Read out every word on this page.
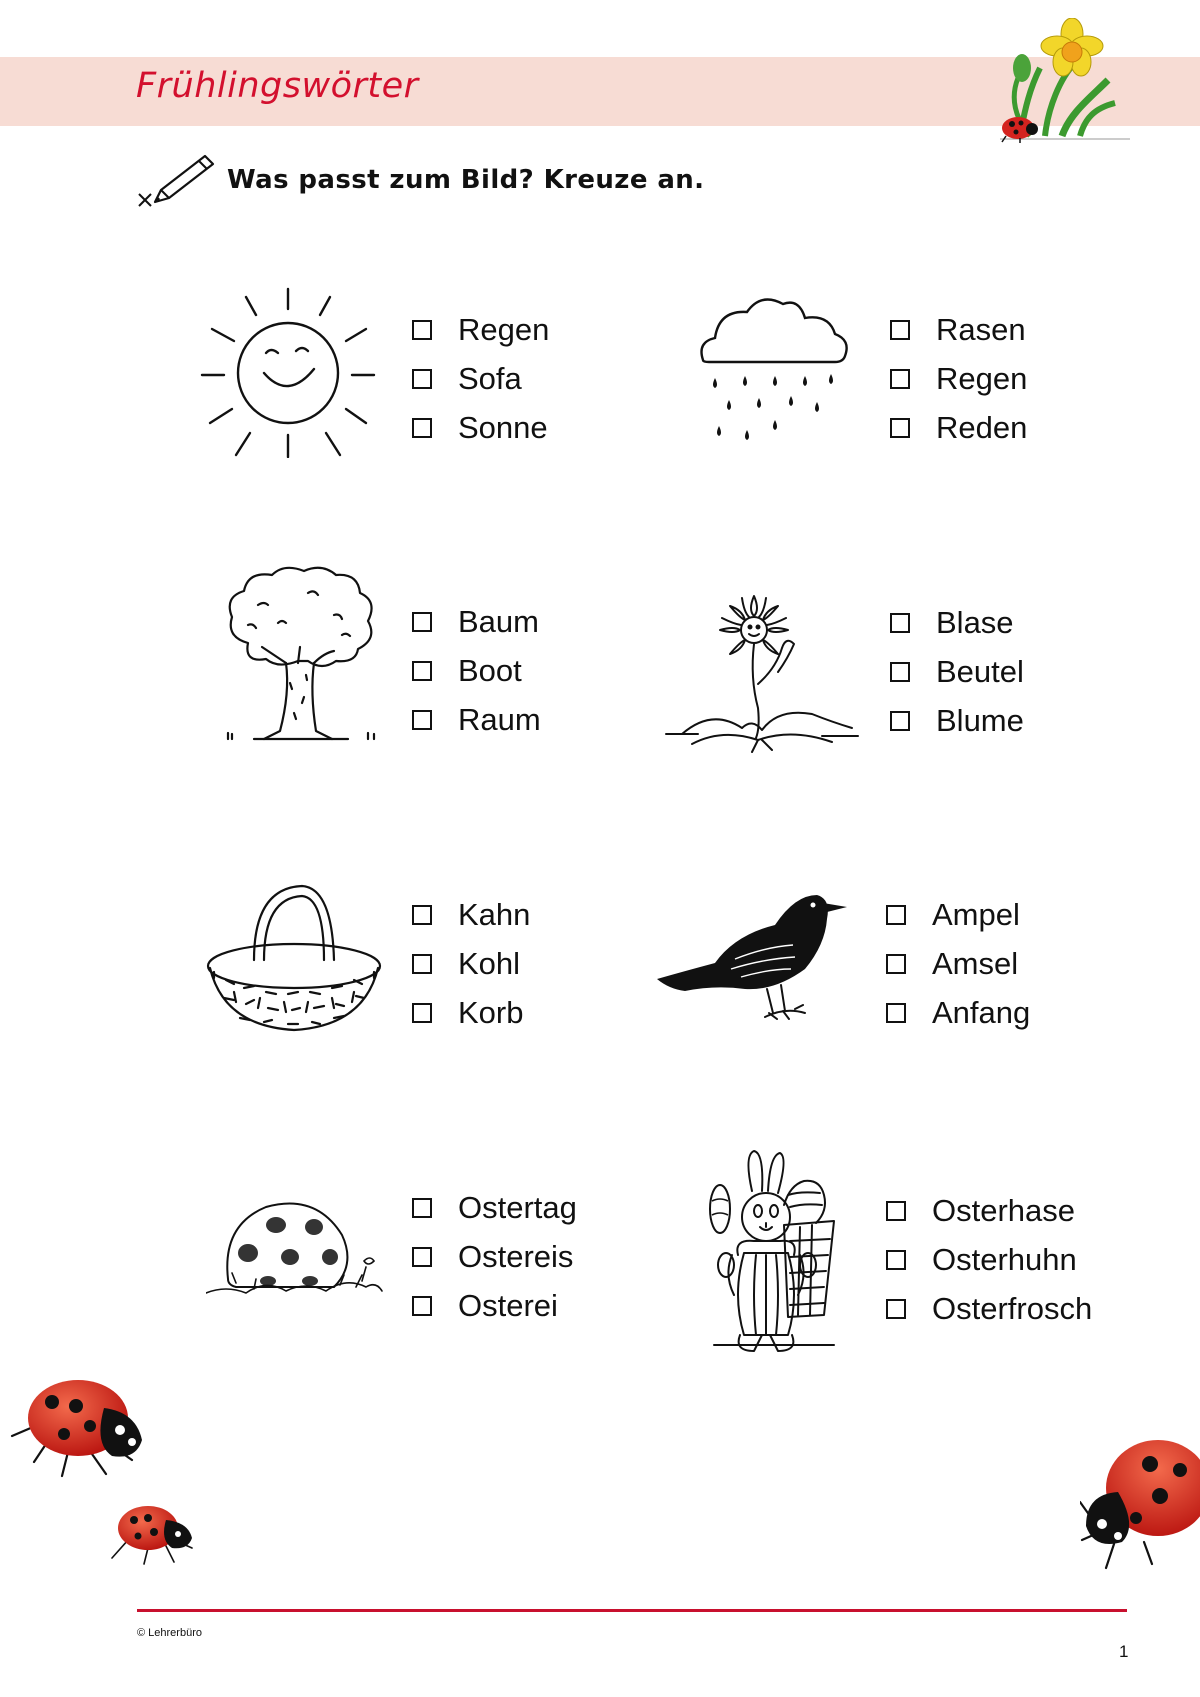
Frühlingswörter
Was passt zum Bild? Kreuze an.
Regen
Sofa
Sonne
Rasen
Regen
Reden
Baum
Boot
Raum
Blase
Beutel
Blume
Kahn
Kohl
Korb
Ampel
Amsel
Anfang
Ostertag
Ostereis
Osterei
Osterhase
Osterhuhn
Osterfrosch
© Lehrerbüro
1
